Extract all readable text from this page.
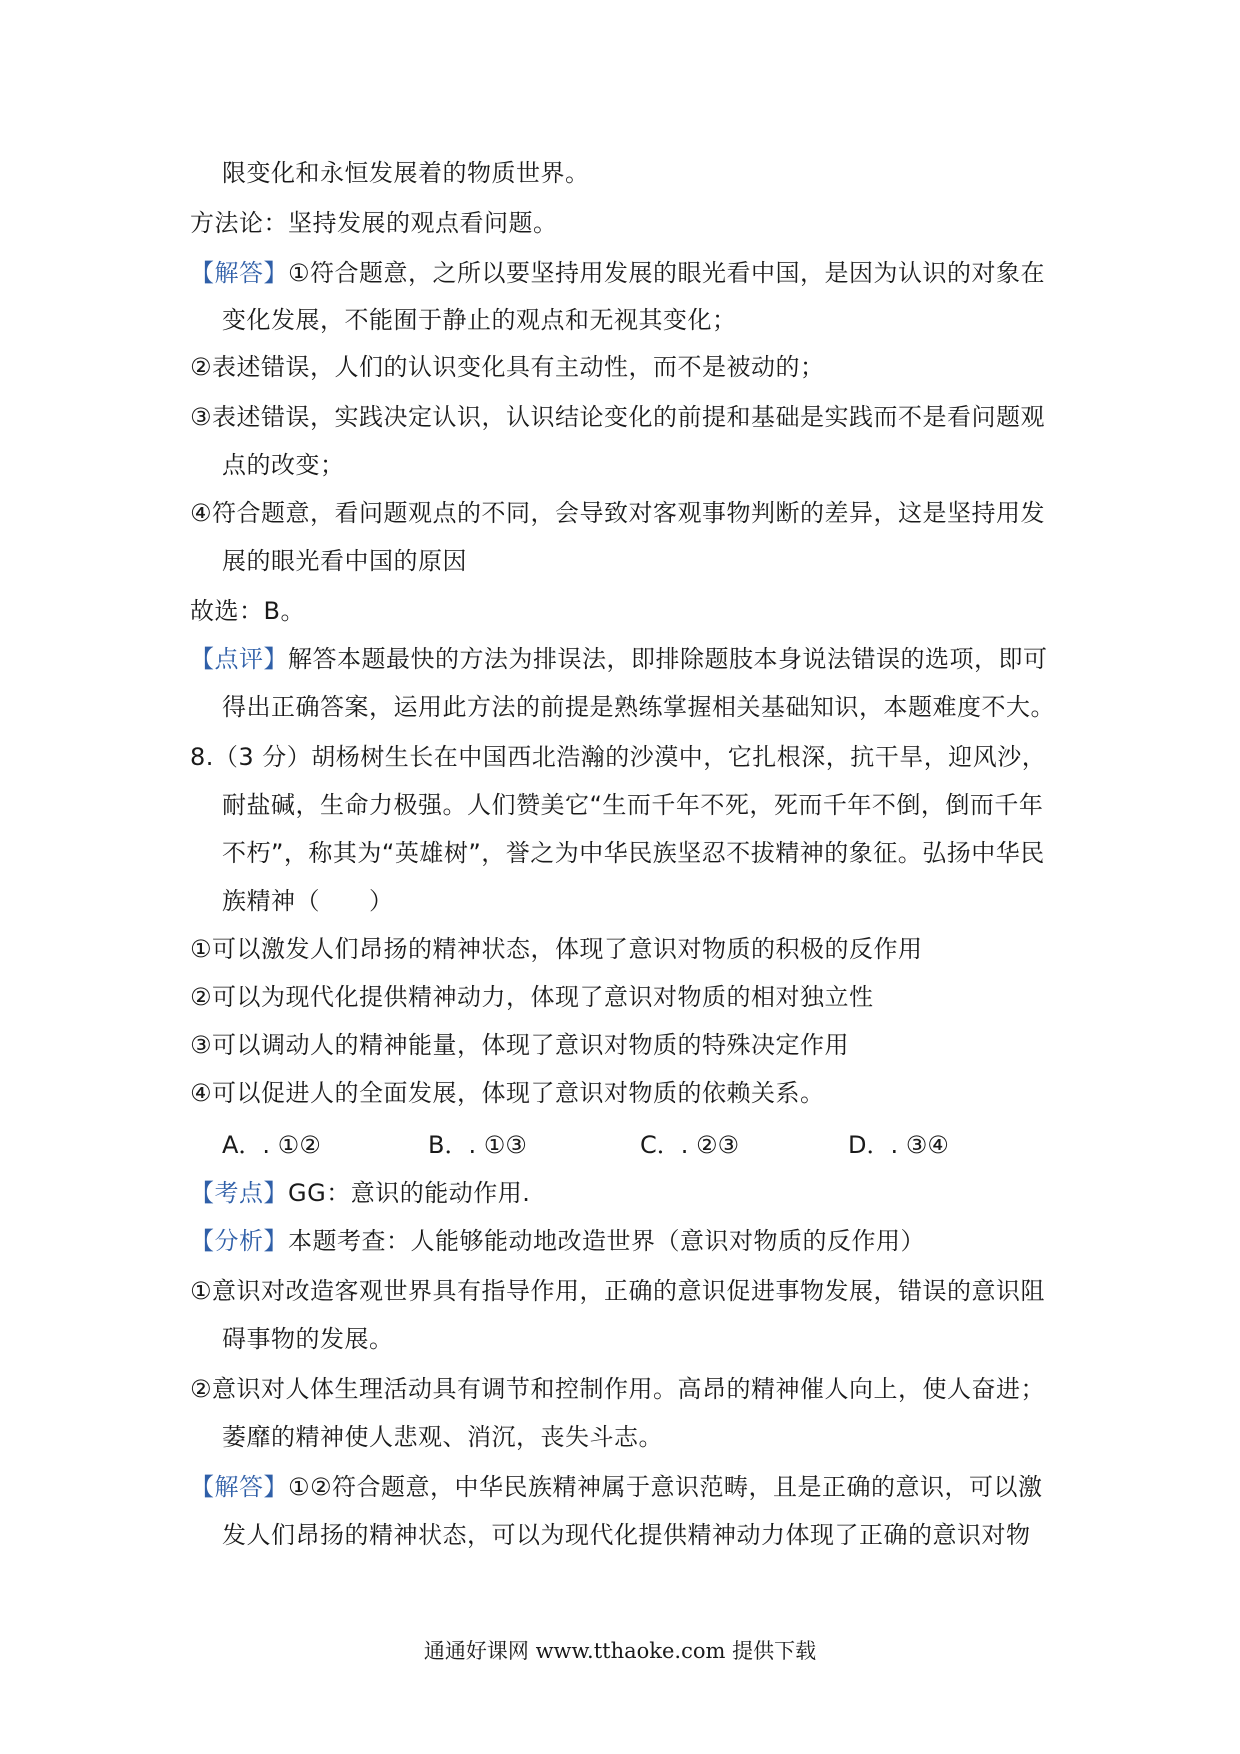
限变化和永恒发展着的物质世界。
方法论：坚持发展的观点看问题。
【解答】①符合题意，之所以要坚持用发展的眼光看中国，是因为认识的对象在
变化发展，不能囿于静止的观点和无视其变化；
②表述错误，人们的认识变化具有主动性，而不是被动的；
③表述错误，实践决定认识，认识结论变化的前提和基础是实践而不是看问题观
点的改变；
④符合题意，看问题观点的不同，会导致对客观事物判断的差异，这是坚持用发
展的眼光看中国的原因
故选：B。
【点评】解答本题最快的方法为排误法，即排除题肢本身说法错误的选项，即可
得出正确答案，运用此方法的前提是熟练掌握相关基础知识，本题难度不大。
8.（3 分）胡杨树生长在中国西北浩瀚的沙漠中，它扎根深，抗干旱，迎风沙，
耐盐碱，生命力极强。人们赞美它“生而千年不死，死而千年不倒，倒而千年
不朽”，称其为“英雄树”，誉之为中华民族坚忍不拔精神的象征。弘扬中华民
族精神（　　）
①可以激发人们昂扬的精神状态，体现了意识对物质的积极的反作用
②可以为现代化提供精神动力，体现了意识对物质的相对独立性
③可以调动人的精神能量，体现了意识对物质的特殊决定作用
④可以促进人的全面发展，体现了意识对物质的依赖关系。
A．. ①②	B．. ①③	C．. ②③	D．. ③④
【考点】GG：意识的能动作用.
【分析】本题考查：人能够能动地改造世界（意识对物质的反作用）
①意识对改造客观世界具有指导作用，正确的意识促进事物发展，错误的意识阻
碍事物的发展。
②意识对人体生理活动具有调节和控制作用。高昂的精神催人向上，使人奋进；
萎靡的精神使人悲观、消沉，丧失斗志。
【解答】①②符合题意，中华民族精神属于意识范畴，且是正确的意识，可以激
发人们昂扬的精神状态，可以为现代化提供精神动力体现了正确的意识对物
通通好课网 www.tthaoke.com 提供下载
